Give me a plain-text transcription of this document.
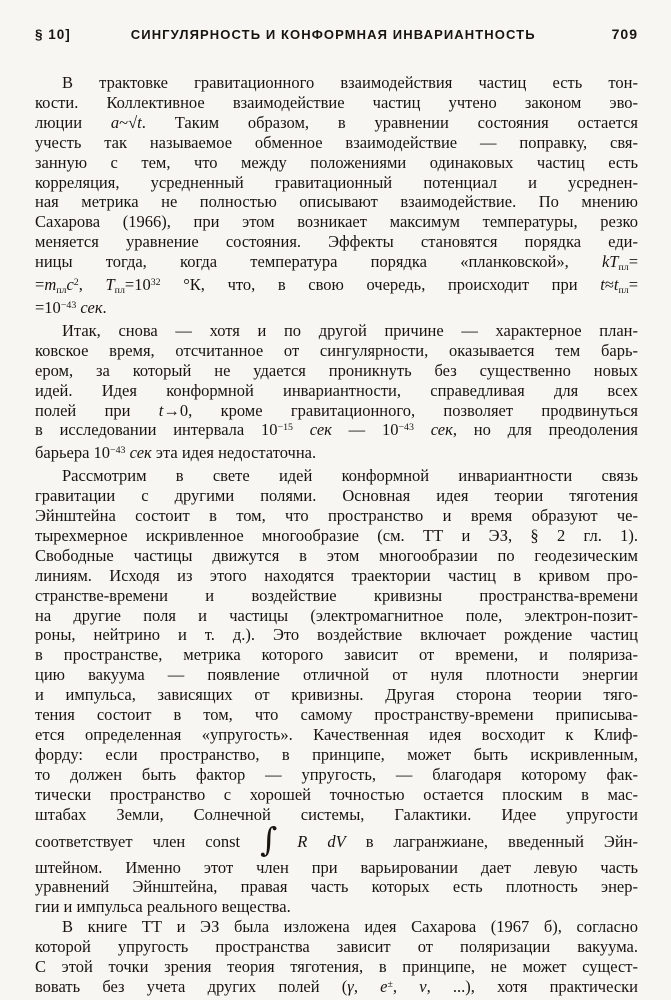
§ 10]	СИНГУЛЯРНОСТЬ И КОНФОРМНАЯ ИНВАРИАНТНОСТЬ	709
В трактовке гравитационного взаимодействия частиц есть тон-
кости. Коллективное взаимодействие частиц учтено законом эво-
люции a~√t. Таким образом, в уравнении состояния остается
учесть так называемое обменное взаимодействие — поправку, свя-
занную с тем, что между положениями одинаковых частиц есть
корреляция, усредненный гравитационный потенциал и усреднен-
ная метрика не полностью описывают взаимодействие. По мнению
Сахарова (1966), при этом возникает максимум температуры, резко
меняется уравнение состояния. Эффекты становятся порядка еди-
ницы тогда, когда температура порядка «планковской», kTпл=
=mплc$^2$, $Tпл=10^{32}$ °К, что, в свою очередь, происходит при t≈tпл=
$=10^{-43}$ сек.
Итак, снова — хотя и по другой причине — характерное план-
ковское время, отсчитанное от сингулярности, оказывается тем барь-
ером, за который не удается проникнуть без существенно новых
идей. Идея конформной инвариантности, справедливая для всех
полей при t→0, кроме гравитационного, позволяет продвинуться
в исследовании интервала $10^{-15}$ сек — $10^{-43}$ сек, но для преодоления
барьера $10^{-43}$ сек эта идея недостаточна.
Рассмотрим в свете идей конформной инвариантности связь
гравитации с другими полями. Основная идея теории тяготения
Эйнштейна состоит в том, что пространство и время образуют че-
тырехмерное искривленное многообразие (см. ТТ и ЭЗ, § 2 гл. 1).
Свободные частицы движутся в этом многообразии по геодезическим
линиям. Исходя из этого находятся траектории частиц в кривом про-
странстве-времени и воздействие кривизны пространства-времени
на другие поля и частицы (электромагнитное поле, электрон-позит-
роны, нейтрино и т. д.). Это воздействие включает рождение частиц
в пространстве, метрика которого зависит от времени, и поляриза-
цию вакуума — появление отличной от нуля плотности энергии
и импульса, зависящих от кривизны. Другая сторона теории тяго-
тения состоит в том, что самому пространству-времени приписыва-
ется определенная «упругость». Качественная идея восходит к Клиф-
форду: если пространство, в принципе, может быть искривленным,
то должен быть фактор — упругость, — благодаря которому фак-
тически пространство с хорошей точностью остается плоским в мас-
штабах Земли, Солнечной системы, Галактики. Идее упругости
соответствует член const ∫ R dV в лагранжиане, введенный Эйн-
штейном. Именно этот член при варьировании дает левую часть
уравнений Эйнштейна, правая часть которых есть плотность энер-
гии и импульса реального вещества.
В книге ТТ и ЭЗ была изложена идея Сахарова (1967 б), согласно
которой упругость пространства зависит от поляризации вакуума.
С этой точки зрения теория тяготения, в принципе, не может сущест-
вовать без учета других полей (γ, e±, ν, ...), хотя практически
